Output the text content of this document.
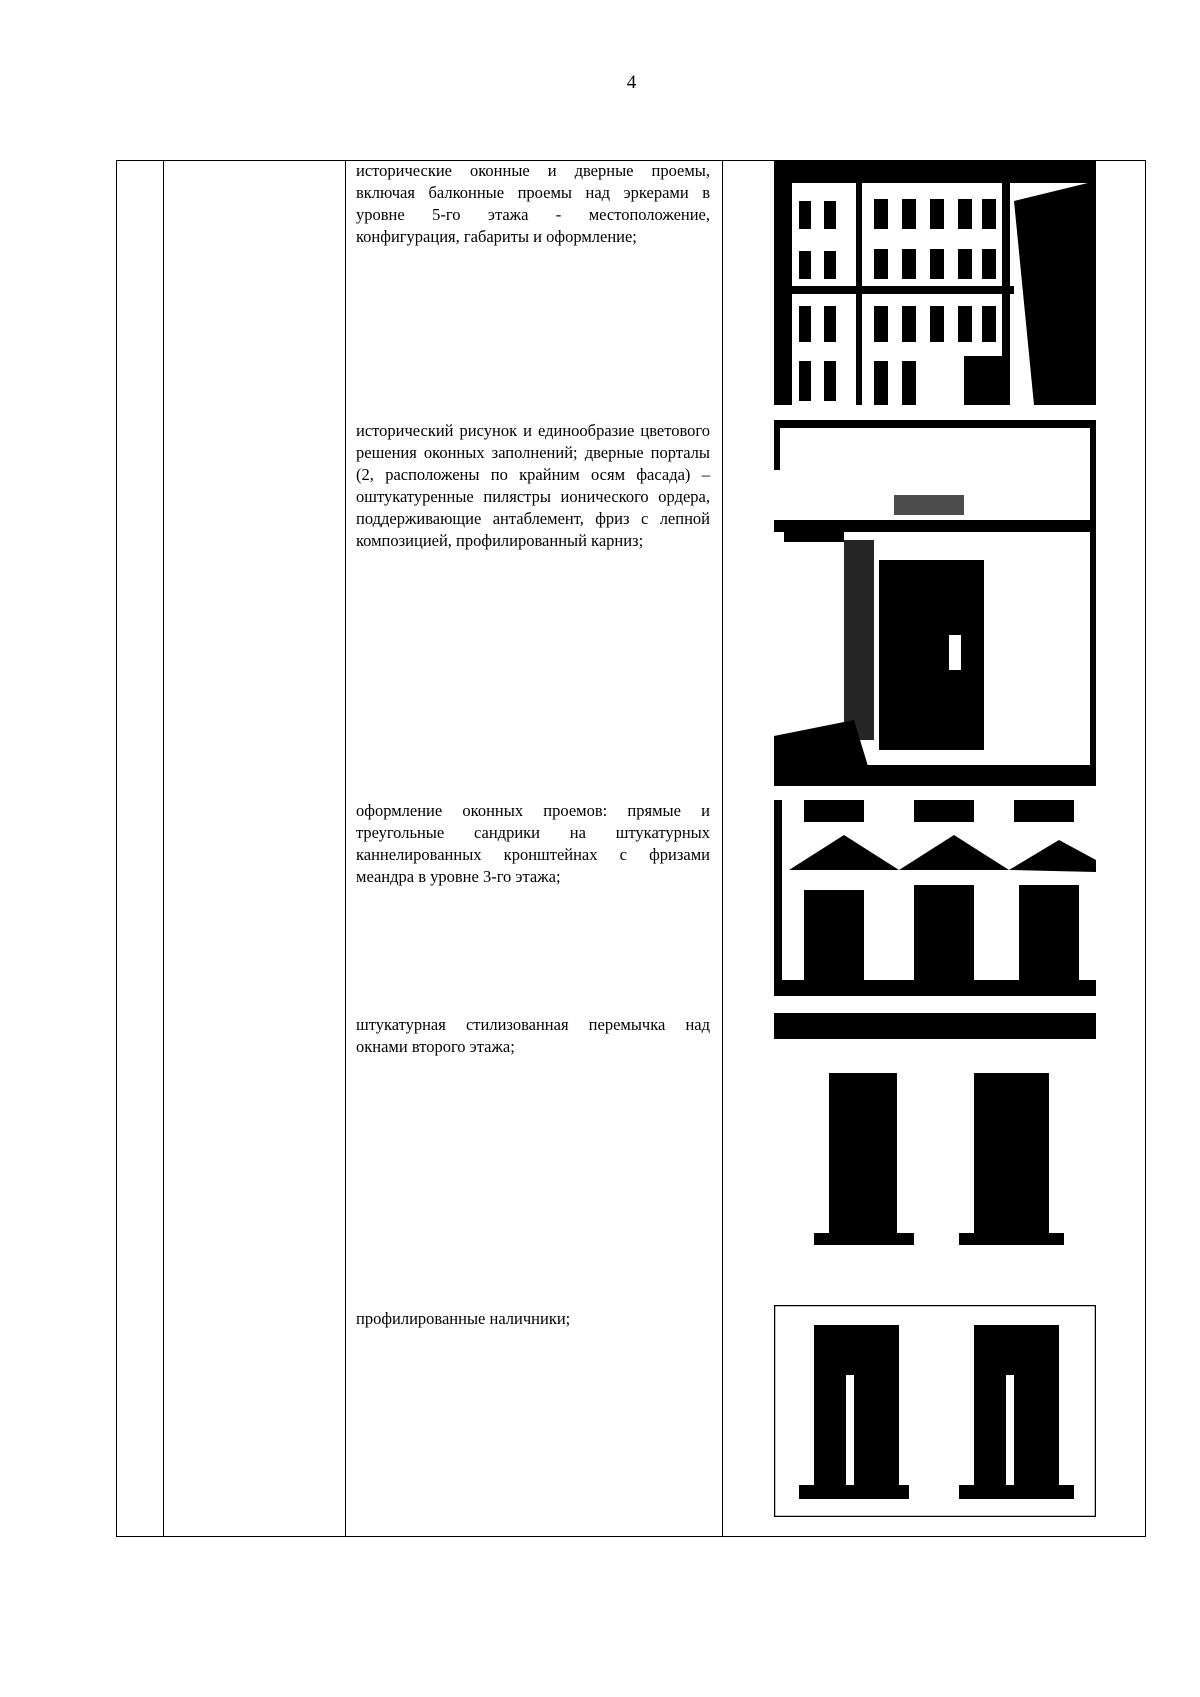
4
исторические оконные и дверные проемы, включая балконные проемы над эркерами в уровне 5-го этажа - местоположение, конфигурация, габариты и оформление;
исторический рисунок и единообразие цветового решения оконных заполнений; дверные порталы (2, расположены по крайним осям фасада) – оштукатуренные пилястры ионического ордера, поддерживающие антаблемент, фриз с лепной композицией, профилированный карниз;
оформление оконных проемов: прямые и треугольные сандрики на штукатурных каннелированных кронштейнах с фризами меандра в уровне 3-го этажа;
штукатурная стилизованная перемычка над окнами второго этажа;
профилированные наличники;
